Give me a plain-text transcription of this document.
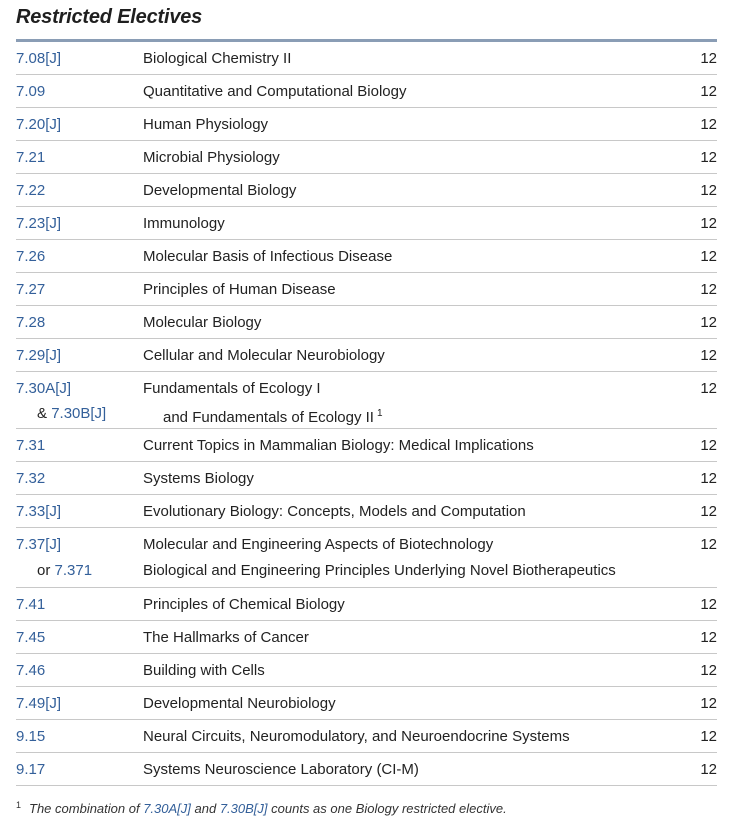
Restricted Electives
7.08[J]	Biological Chemistry II	12
7.09	Quantitative and Computational Biology	12
7.20[J]	Human Physiology	12
7.21	Microbial Physiology	12
7.22	Developmental Biology	12
7.23[J]	Immunology	12
7.26	Molecular Basis of Infectious Disease	12
7.27	Principles of Human Disease	12
7.28	Molecular Biology	12
7.29[J]	Cellular and Molecular Neurobiology	12
7.30A[J]	Fundamentals of Ecology I	12
& 7.30B[J]	and Fundamentals of Ecology II $^1$
7.31	Current Topics in Mammalian Biology: Medical Implications	12
7.32	Systems Biology	12
7.33[J]	Evolutionary Biology: Concepts, Models and Computation	12
7.37[J]	Molecular and Engineering Aspects of Biotechnology	12
or 7.371	Biological and Engineering Principles Underlying Novel Biotherapeutics
7.41	Principles of Chemical Biology	12
7.45	The Hallmarks of Cancer	12
7.46	Building with Cells	12
7.49[J]	Developmental Neurobiology	12
9.15	Neural Circuits, Neuromodulatory, and Neuroendocrine Systems	12
9.17	Systems Neuroscience Laboratory (CI-M)	12
$^1$ The combination of 7.30A[J] and 7.30B[J] counts as one Biology restricted elective.
